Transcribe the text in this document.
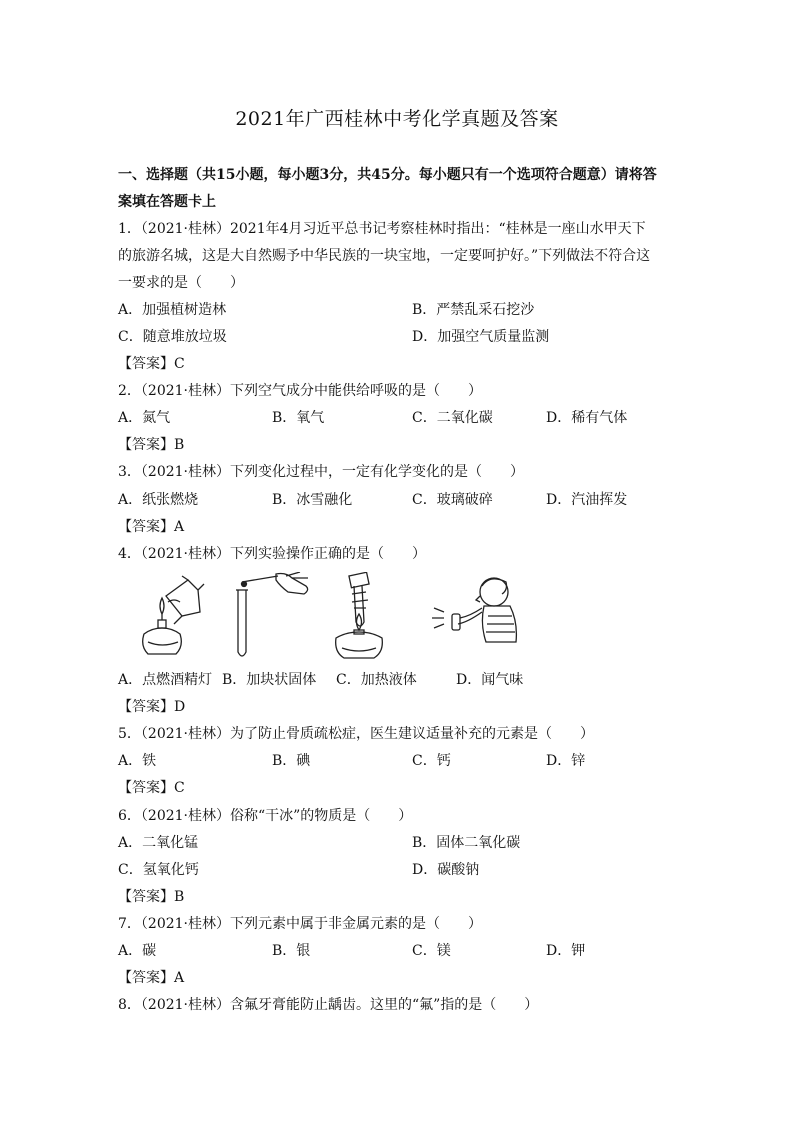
2021年广西桂林中考化学真题及答案
一、选择题（共15小题，每小题3分，共45分。每小题只有一个选项符合题意）请将答
案填在答题卡上
1．（2021·桂林）2021年4月习近平总书记考察桂林时指出：“桂林是一座山水甲天下
的旅游名城，这是大自然赐予中华民族的一块宝地，一定要呵护好。”下列做法不符合这
一要求的是（　　）
A．加强植树造林	B．严禁乱采石挖沙
C．随意堆放垃圾	D．加强空气质量监测
【答案】C
2．（2021·桂林）下列空气成分中能供给呼吸的是（　　）
A．氮气	B．氧气	C．二氧化碳	D．稀有气体
【答案】B
3．（2021·桂林）下列变化过程中，一定有化学变化的是（　　）
A．纸张燃烧	B．冰雪融化	C．玻璃破碎	D．汽油挥发
【答案】A
4．（2021·桂林）下列实验操作正确的是（　　）
A．点燃酒精灯 B．加块状固体 C．加热液体	D．闻气味
【答案】D
5．（2021·桂林）为了防止骨质疏松症，医生建议适量补充的元素是（　　）
A．铁	B．碘	C．钙	D．锌
【答案】C
6．（2021·桂林）俗称“干冰”的物质是（　　）
A．二氧化锰	B．固体二氧化碳
C．氢氧化钙	D．碳酸钠
【答案】B
7．（2021·桂林）下列元素中属于非金属元素的是（　　）
A．碳	B．银	C．镁	D．钾
【答案】A
8．（2021·桂林）含氟牙膏能防止龋齿。这里的“氟”指的是（　　）
